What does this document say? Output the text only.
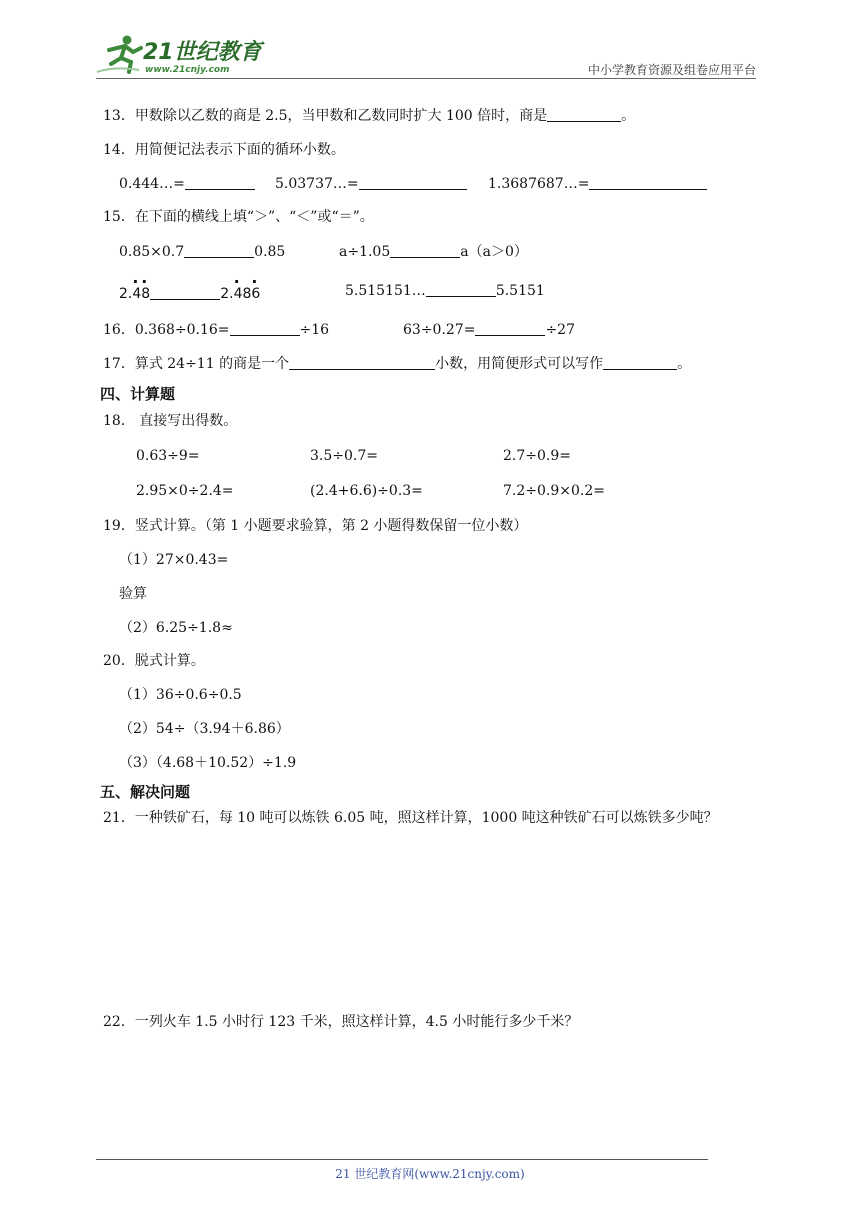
21世纪教育
www.21cnjy.com	中小学教育资源及组卷应用平台
13．甲数除以乙数的商是 2.5，当甲数和乙数同时扩大 100 倍时，商是	。
14．用简便记法表示下面的循环小数。
0.444…=	5.03737…=	1.3687687…=
15．在下面的横线上填“＞”、“＜”或“＝”。
0.85×0.7	0.85	a÷1.05	a（a＞0）
2.
·
4
·
8	2.
·
48
·
6	5.515151…	5.5151
16．0.368÷0.16=	÷16	63÷0.27=	÷27
17．算式 24÷11 的商是一个	小数，用简便形式可以写作	。
四、计算题
18． 直接写出得数。
0.63÷9=	3.5÷0.7=	2.7÷0.9=
2.95×0÷2.4=	(2.4+6.6)÷0.3=	7.2÷0.9×0.2=
19．竖式计算。（第 1 小题要求验算，第 2 小题得数保留一位小数）
（1）27×0.43=
验算
（2）6.25÷1.8≈
20．脱式计算。
（1）36÷0.6÷0.5
（2）54÷（3.94＋6.86）
（3）（4.68＋10.52）÷1.9
五、解决问题
21．一种铁矿石，每 10 吨可以炼铁 6.05 吨，照这样计算，1000 吨这种铁矿石可以炼铁多少吨？
22．一列火车 1.5 小时行 123 千米，照这样计算，4.5 小时能行多少千米？
21 世纪教育网(www.21cnjy.com)
